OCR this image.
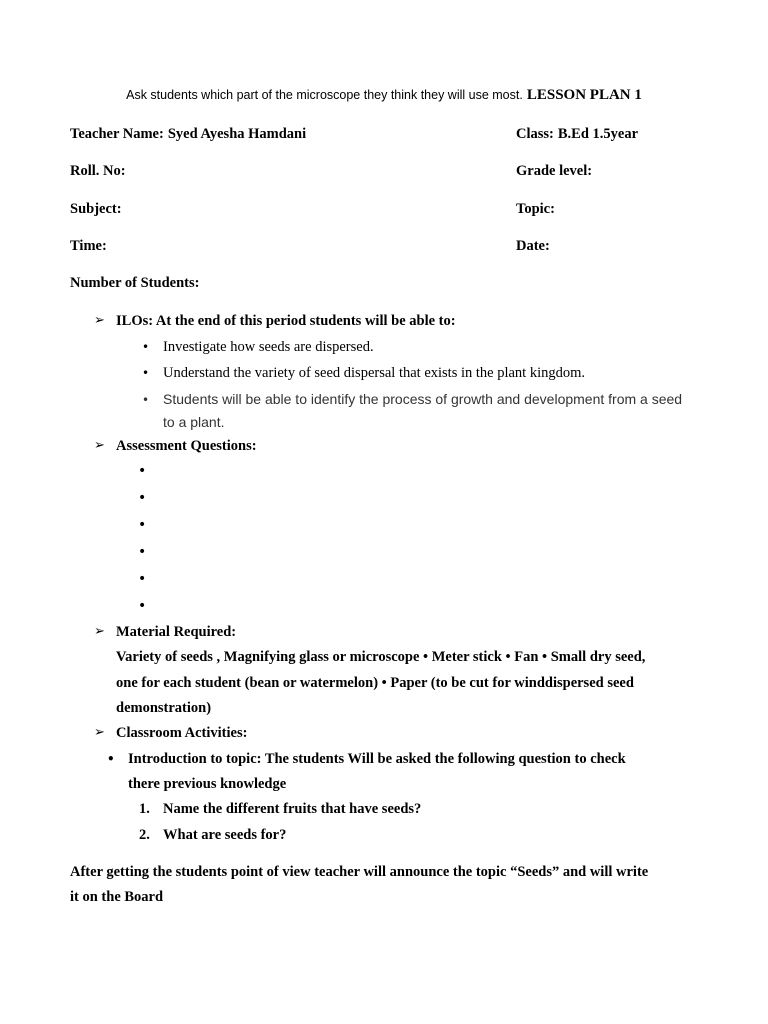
Ask students which part of the microscope they think they will use most. LESSON PLAN 1
Teacher Name: Syed Ayesha Hamdani	Class: B.Ed 1.5year
Roll. No:	Grade level:
Subject:	Topic:
Time:	Date:
Number of Students:
➢ ILOs: At the end of this period students will be able to:
• Investigate how seeds are dispersed.
• Understand the variety of seed dispersal that exists in the plant kingdom.
• Students will be able to identify the process of growth and development from a seed
to a plant.
➢ Assessment Questions:
•
•
•
•
•
•
➢ Material Required:
Variety of seeds , Magnifying glass or microscope • Meter stick • Fan • Small dry seed,
one for each student (bean or watermelon) • Paper (to be cut for winddispersed seed
demonstration)
➢ Classroom Activities:
• Introduction to topic: The students Will be asked the following question to check
there previous knowledge
1. Name the different fruits that have seeds?
2. What are seeds for?
After getting the students point of view teacher will announce the topic “Seeds” and will write
it on the Board
